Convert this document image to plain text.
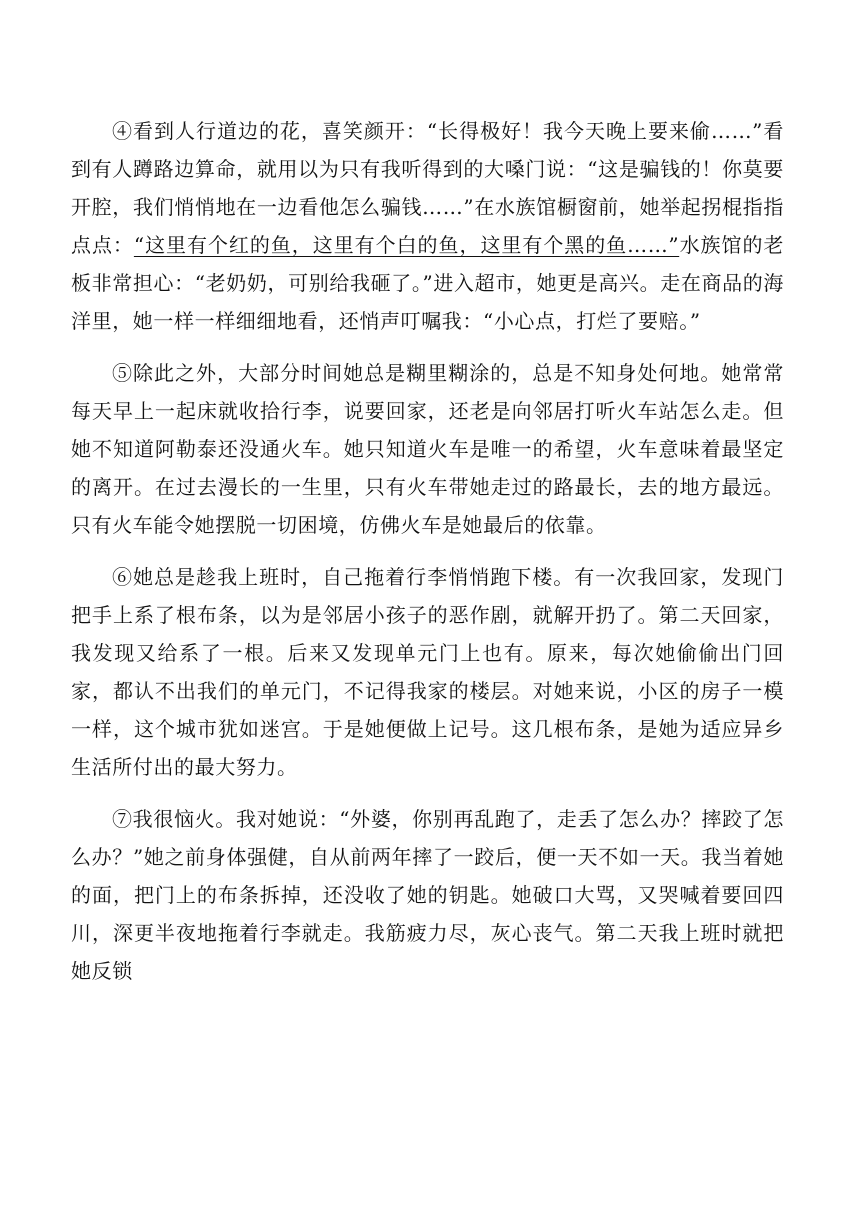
④看到人行道边的花，喜笑颜开：“长得极好！我今天晚上要来偷……”看到有人蹲路边算命，就用以为只有我听得到的大嗓门说：“这是骗钱的！你莫要开腔，我们悄悄地在一边看他怎么骗钱……”在水族馆橱窗前，她举起拐棍指指点点：“这里有个红的鱼，这里有个白的鱼，这里有个黑的鱼……”水族馆的老板非常担心：“老奶奶，可别给我砸了。”进入超市，她更是高兴。走在商品的海洋里，她一样一样细细地看，还悄声叮嘱我：“小心点，打烂了要赔。”

⑤除此之外，大部分时间她总是糊里糊涂的，总是不知身处何地。她常常每天早上一起床就收拾行李，说要回家，还老是向邻居打听火车站怎么走。但她不知道阿勒泰还没通火车。她只知道火车是唯一的希望，火车意味着最坚定的离开。在过去漫长的一生里，只有火车带她走过的路最长，去的地方最远。只有火车能令她摆脱一切困境，仿佛火车是她最后的依靠。

⑥她总是趁我上班时，自己拖着行李悄悄跑下楼。有一次我回家，发现门把手上系了根布条，以为是邻居小孩子的恶作剧，就解开扔了。第二天回家，我发现又给系了一根。后来又发现单元门上也有。原来，每次她偷偷出门回家，都认不出我们的单元门，不记得我家的楼层。对她来说，小区的房子一模一样，这个城市犹如迷宫。于是她便做上记号。这几根布条，是她为适应异乡生活所付出的最大努力。

⑦我很恼火。我对她说：“外婆，你别再乱跑了，走丢了怎么办？摔跤了怎么办？”她之前身体强健，自从前两年摔了一跤后，便一天不如一天。我当着她的面，把门上的布条拆掉，还没收了她的钥匙。她破口大骂，又哭喊着要回四川，深更半夜地拖着行李就走。我筋疲力尽，灰心丧气。第二天我上班时就把她反锁
